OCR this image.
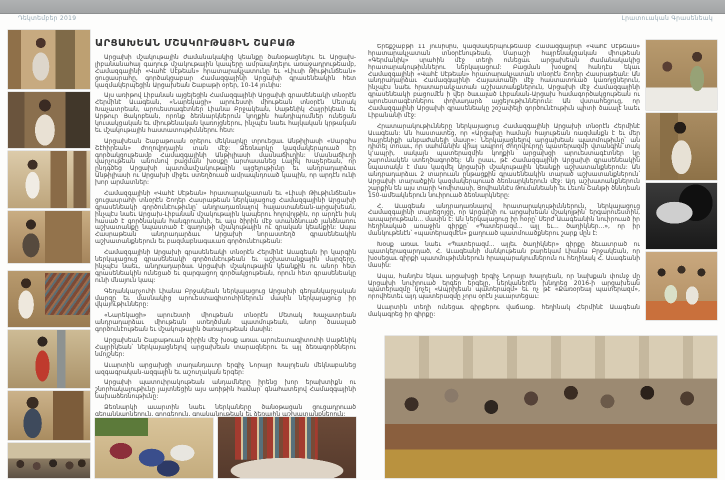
Դեկտեմբեր 2019	Լրատուական Գրասենեակ
ԱՐՑԱԽԵԱՆ ՄՇԱԿՈՒԹԱՅԻՆ ՇԱԲԱԹ

Արցախի մշակութային ժամանակակից կեանքը ծանօթացնելու եւ Արցախ-լիբանանահայ գաղութ մշակութային կապերը ամրապնդելու առաջադրութեամբ, Համազգայինի «Վահէ Սէթեան» հրատարակչատունը եւ «Լիւսի Թիւթիւնճեան» ցուցասրահը, գործակցաբար Համազգայինի Արցախի գրասենեակին հետ կազմակերպեցին Արցախեան Շաբաթի օրեր, 10-14 յունիս:

Այս առիթով Լիբանան այցելեցին Համազգայինի Արցախի գրասենեակի տնօրէն Հերմինէ Աւագեան, «Նարեկացի» արուեստի միութեան տնօրէն Մետակ Խաչատրեան, արուեստագէտներ Լիանա Բրջակեան, Սաթենիկ Հայրիկեան եւ Արթուր Յակոբեան, որոնք ձեռնարկներուն կողքին հանդիպումներ ունեցան կուսակցական եւ միութենական կառոյցներու, ինչպէս նաեւ հայկական կրթական եւ մշակութային հաստատութիւններու հետ:

Արցախեան Շաբաթուան օրերու մեկնարկը տրուեցաւ Անթիլիասի «Սարգիս Շէհիրեան» ժողովրդային տան մէջ: Ձեռնարկը կազմակերպուած էր գործակցութեամբ Համազգայինի Անթիլիասի մասնաճիւղին: Մասնաճիւղի վարչութեան անունով բացման խօսքը արտասանեց Լալիկ Խաչերեան, որ ընդգծեց Արցախի պատմամշակութային այցելութիւնը եւ անդրադարձաւ Անթիլիասի ու Արցախի միջեւ ստեղծուած ամրապնդուած կապին, որ արդէն ունի խոր արմատներ:

Համազգայինի «Վահէ Սէթեան» հրատարակչատան եւ «Լիւսի Թիւթիւնճեան» ցուցասրահի տնօրէն Շողեր Հասրաթեան ներկայացուց Համազգայինի Արցախի գրասենեակի գործունէութիւնը՝ անդրադառնալով հայաստանեան-արցախեան, ինչպէս նաեւ Արցախ-Լիբանան մշակութային կապերու հոլովոյթին, որ արդէն իսկ հասած է գործնական հանգրուանի, եւ այս ծիրին մէջ ստանձնուած յանձնառու աշխատանքը նպաստած է գաղութի մշակութային ու գրական կեանքին: Ապա Հասրաթեան անդրադարձաւ Արցախի նորաստեղծ գրասենեակին աշխատանքներուն եւ բազմաբնագաւառ գործունէութեան:

Համազգայինի Արցախի գրասենեակի տնօրէն Հերմինէ Աւագեան իր կարգին ներկայացուց գրասենեակի գործունէութեան եւ աշխատանքային մարզերը, ինչպէս նաեւ, անդրադարձաւ Արցախի մշակութային կեանքին ու անոր հետ գրասենեակին ունեցած եւ զարգացող գործակցութեան, որուն հետ գրասենեակը ունի մնայուն կապ:

Գեղանկարչուհի Լիանա Բրջակեան ներկայացուց Արցախի գեղանկարչական մարզը եւ մասնակից արուեստագիտուհիներուն մասին ներկայացուց իր վկայութիւնները:

«Նարեկացի» արուեստի միութեան տնօրէն Մետակ Խաչատրեան անդրադարձաւ միութեան ստեղծման պատմութեան, անոր ծաւալած գործունէութեան եւ մշակութային ծառայութեան մասին:

Արցախեան Շաբաթուան ծիրին մէջ խօսք առաւ արուեստագիտուհի Սաթենիկ Հայրիկեան՝ ներկայացնելով արցախեան տարազներու եւ այլ ձեռագործներու նմոյշներ:

Աւարտին արցախցի տաղանդաւոր երգիչ Նորայր Խալոյեան մեկնաբանեց ազգագրական-ազգային եւ աշուղական երգեր:

Արցախի պատուիրակութեան անդամները իրենց խոր երախտիքն ու շնորհակալութիւնը յայտնեցին այս առիթին համար՝ գնահատելով Համազգայինի նախաձեռնութիւնը:

Ձեռնարկի աւարտին նաեւ ներկաները ծանօթացան ցուցադրուած գեղանկարներուն, գորգերուն, գրականութեան եւ ձեռային աշխատանքներուն:

Երեքշաբթի 11 յունիսին, կազմակերպութեամբ Համազգայինի «Վահէ Սէթեան» հրատարակչատան տնօրէնութեան, Մարաշի հայրենակցական միութեան «Գերմանիկ» սրահին մէջ տեղի ունեցաւ արցախեան ժամանակակից հրատարակութիւններու ներկայացում: Բացման խօսքով հանդէս եկաւ Համազգայինի «Վահէ Սէթեան» հրատարակչատան տնօրէն Շողեր Հասրաթեան: Ան անդրադարձաւ Համազգայինի Հայաստանի մէջ հաստատուած կառոյցներուն, ինչպէս նաեւ հրատարակչատան աշխատանքներուն, Արցախի մէջ Համազգայինի գրասենեակի բացումէն ի վեր ծաւալած Լիբանան-Արցախ համագործակցութեան ու արուեստագէտներու փոխադարձ այցելութիւններուն: Ան վստահեցուց, որ Համազգայինի Արցախի գրասենեակը շօշափելի գործունէութիւն պիտի ծաւալէ նաեւ Լիբանանի մէջ:

Հրատարակութիւնները ներկայացուց Համազգայինի Արցախի տնօրէն Հերմինէ Աւագեան: Ան հաստատեց, որ «Արցախը համայն հայութեան ռազմանքն է եւ մեր հայրենիքի անբաժանելի մասը»: Ներկայացնելով արցախեան պատմութիւնը՝ ան դիտել տուաւ, որ սահմանին վրայ ապրող ժողովուրդը պատերազմի վտանգին տակ կ՚ապրի, սակայն պատերազմին կողքին արցախցի արուեստագէտներ կը շարունակեն ստեղծագործել: Ան ըսաւ, թէ Համազգայինի Արցախի գրասենեակին նպատակն է մաս կազմել Արցախի մշակութային կեանքի աշխատանքներուն: Ան անդրադարձաւ 2 տարուան ընթացքին գրասենեակին տարած աշխատանքներուն՝ Արցախի տարածքին կազմակերպուած ձեռնարկներուն մէջ: Այդ աշխատանքներուն շարքին են այս տարի Կոմիտասի, Յովհաննէս Թումանեանի եւ Լեւոն Շանթի ծննդեան 150-ամեակներուն նուիրուած ձեռնարկները:

Հ. Աւագեան անդրադառնալով հրատարակութիւններուն, ներկայացուց Համազգայինի տարեցոյցը, որ Արցախի ու արցախեան մշակոյթին՝ երգարուեստին, ասպարութեան... մասին է: Ան ներկայացուց իր հօրը՝ Սերժ Աւագեանին նուիրուած իր հեղինակած առաջին գիրքը՝ «Պատերազմ... այլ եւ... ծաղիկներ...», որ իր մանկութենէն՝ «պատերազմէն» քաղուած պատմուածքներու շարք մըն է:

Խօսք առաւ նաեւ «Պատերազմ... այլեւ ծաղիկներ» գիրքը ձեւաւորած ու պատկերազարդած, Հ. Աւագեանի մանկութեան բարեկամ Լիանա Բրջակեան, որ խօսեցաւ գիրքի պատմութիւններուն հրապարակումներուն ու հեղինակ Հ. Աւագեանի մասին:

Ապա, հանդէս եկաւ արցախցի երգիչ Նորայր Խալոյեան, որ նախքան փունջ մը Արցախի նուիրուած երգեր երգելը, ներկաներէն խնդրեց 2016-ի արցախեան պատերազմը կոչել «Ապրիլեան պատերազմ» եւ ոչ թէ «Քառօրեայ պատերազմ», որովհետեւ այդ պատերազմը չորս օրէն չաւարտեցաւ:

Աւարտին տեղի ունեցաւ գիրքերու վաճառք. հեղինակ Հերմինէ Աւագեան մակագրեց իր գիրքը:
